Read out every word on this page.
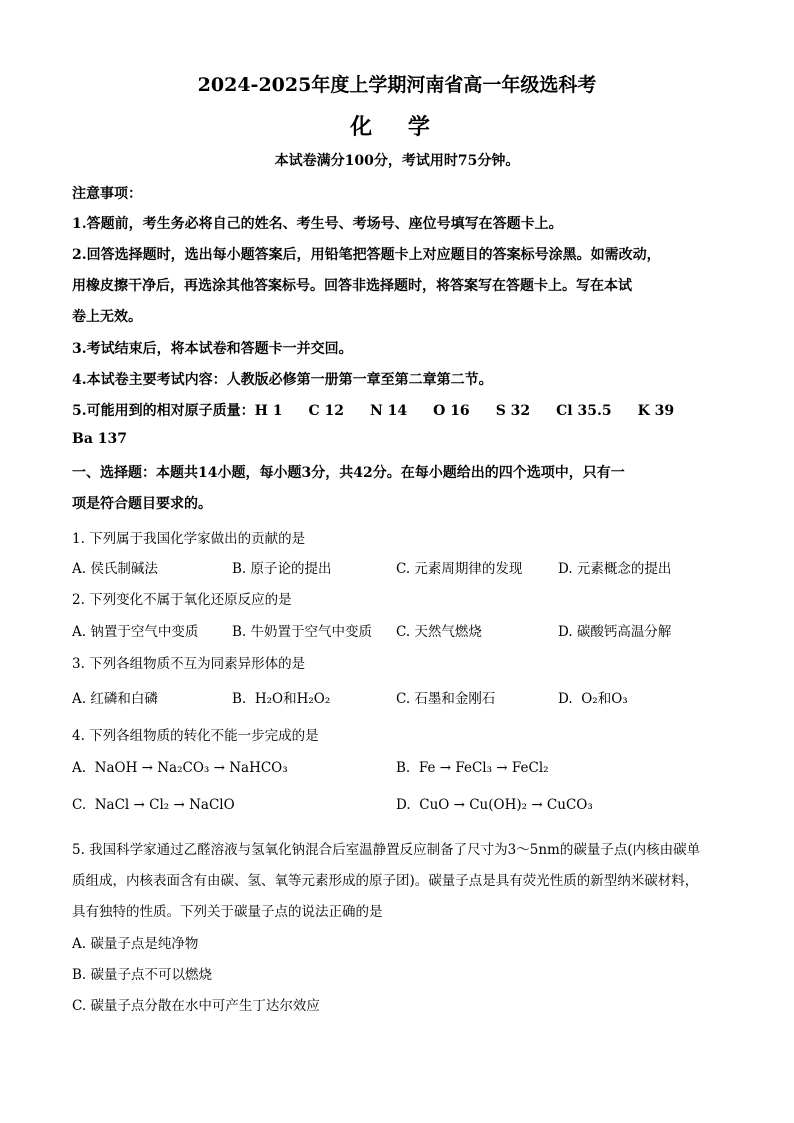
2024-2025年度上学期河南省高一年级选科考
化 学
本试卷满分100分，考试用时75分钟。
注意事项：
1.答题前，考生务必将自己的姓名、考生号、考场号、座位号填写在答题卡上。
2.回答选择题时，选出每小题答案后，用铅笔把答题卡上对应题目的答案标号涂黑。如需改动，
用橡皮擦干净后，再选涂其他答案标号。回答非选择题时，将答案写在答题卡上。写在本试
卷上无效。
3.考试结束后，将本试卷和答题卡一并交回。
4.本试卷主要考试内容：人教版必修第一册第一章至第二章第二节。
5.可能用到的相对原子质量：H 1 C 12 N 14 O 16 S 32 Cl 35.5 K 39
Ba 137
一、选择题：本题共14小题，每小题3分，共42分。在每小题给出的四个选项中，只有一
项是符合题目要求的。
1. 下列属于我国化学家做出的贡献的是
A. 侯氏制碱法	B. 原子论的提出	C. 元素周期律的发现	D. 元素概念的提出
2. 下列变化不属于氧化还原反应的是
A. 钠置于空气中变质 B. 牛奶置于空气中变质 C. 天然气燃烧	D. 碳酸钙高温分解
3. 下列各组物质不互为同素异形体的是
A. 红磷和白磷	B. H₂O和H₂O₂	C. 石墨和金刚石	D. O₂和O₃
4. 下列各组物质的转化不能一步完成的是
A. NaOH → Na₂CO₃ → NaHCO₃	B. Fe → FeCl₃ → FeCl₂
C. NaCl → Cl₂ → NaClO	D. CuO → Cu(OH)₂ → CuCO₃
5. 我国科学家通过乙醛溶液与氢氧化钠混合后室温静置反应制备了尺寸为3～5nm的碳量子点(内核由碳单
质组成，内核表面含有由碳、氢、氧等元素形成的原子团)。碳量子点是具有荧光性质的新型纳米碳材料，
具有独特的性质。下列关于碳量子点的说法正确的是
A. 碳量子点是纯净物
B. 碳量子点不可以燃烧
C. 碳量子点分散在水中可产生丁达尔效应
